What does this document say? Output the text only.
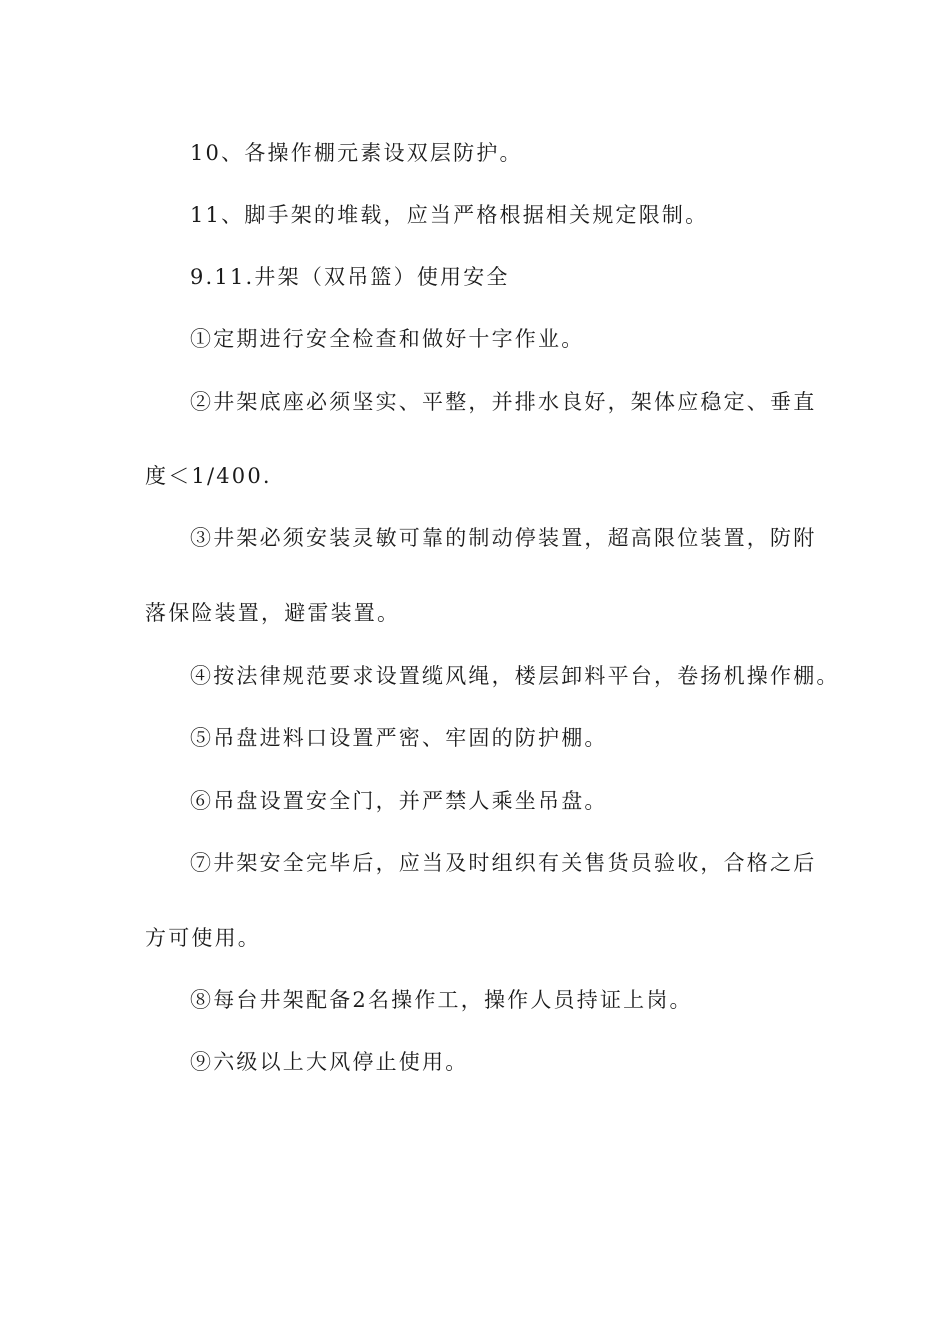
10、各操作棚元素设双层防护。
11、脚手架的堆载，应当严格根据相关规定限制。
9.11.井架（双吊篮）使用安全
①定期进行安全检查和做好十字作业。
②井架底座必须坚实、平整，并排水良好，架体应稳定、垂直
度＜1/400.
③井架必须安装灵敏可靠的制动停装置，超高限位装置，防附
落保险装置，避雷装置。
④按法律规范要求设置缆风绳，楼层卸料平台，卷扬机操作棚。
⑤吊盘进料口设置严密、牢固的防护棚。
⑥吊盘设置安全门，并严禁人乘坐吊盘。
⑦井架安全完毕后，应当及时组织有关售货员验收，合格之后
方可使用。
⑧每台井架配备2名操作工，操作人员持证上岗。
⑨六级以上大风停止使用。
